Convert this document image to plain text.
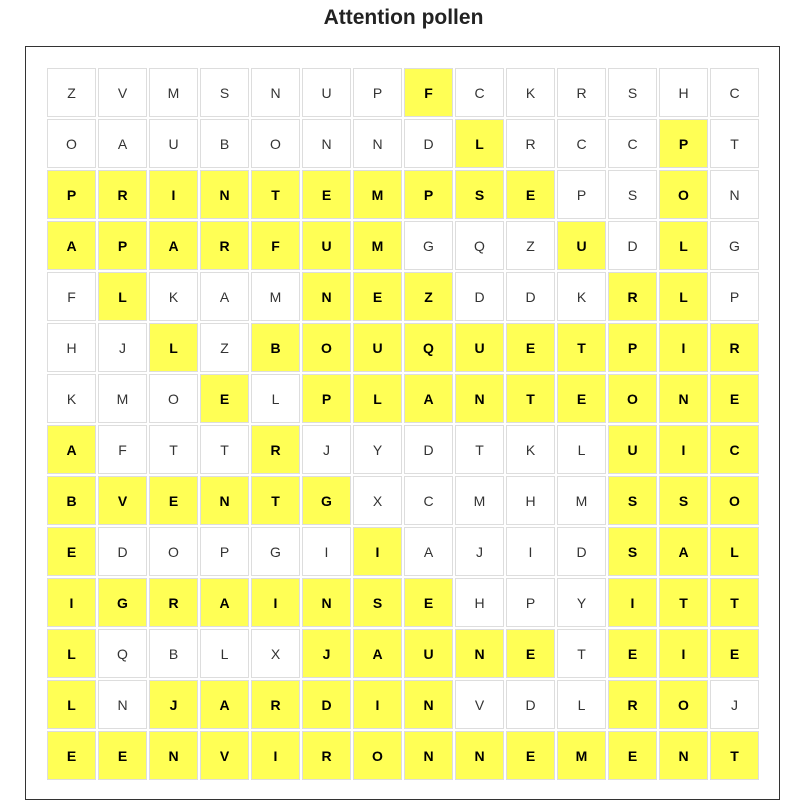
Attention pollen
Z	V	M	S	N	U	P	F	C	K	R	S	H	C
O	A	U	B	O	N	N	D	L	R	C	C	P	T
P	R	I	N	T	E	M	P	S	E	P	S	O	N
A	P	A	R	F	U	M	G	Q	Z	U	D	L	G
F	L	K	A	M	N	E	Z	D	D	K	R	L	P
H	J	L	Z	B	O	U	Q	U	E	T	P	I	R
K	M	O	E	L	P	L	A	N	T	E	O	N	E
A	F	T	T	R	J	Y	D	T	K	L	U	I	C
B	V	E	N	T	G	X	C	M	H	M	S	S	O
E	D	O	P	G	I	I	A	J	I	D	S	A	L
I	G	R	A	I	N	S	E	H	P	Y	I	T	T
L	Q	B	L	X	J	A	U	N	E	T	E	I	E
L	N	J	A	R	D	I	N	V	D	L	R	O	J
E	E	N	V	I	R	O	N	N	E	M	E	N	T
